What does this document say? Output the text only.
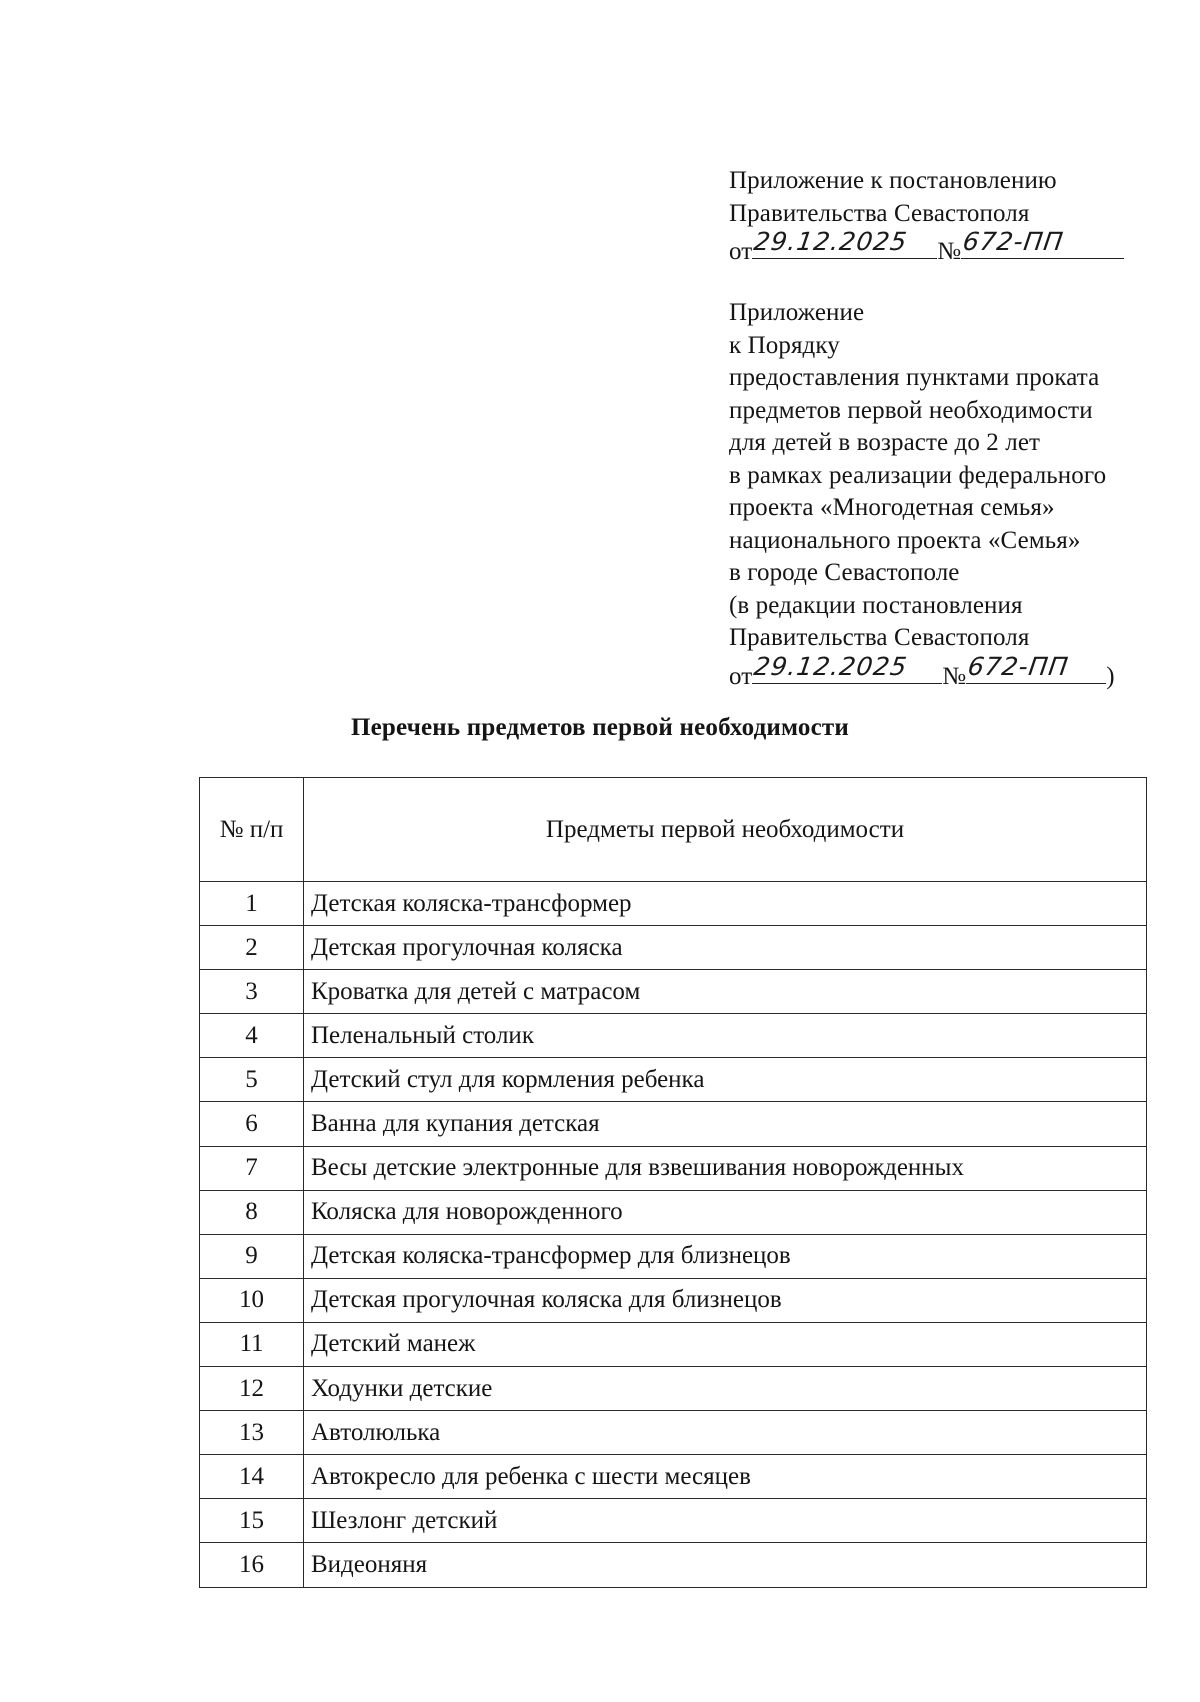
Приложение к постановлению
Правительства Севастополя
от 29.12.2025 № 672-ПП
Приложение
к Порядку
предоставления пунктами проката
предметов первой необходимости
для детей в возрасте до 2 лет
в рамках реализации федерального
проекта «Многодетная семья»
национального проекта «Семья»
в городе Севастополе
(в редакции постановления
Правительства Севастополя
от 29.12.2025 № 672-ПП )
Перечень предметов первой необходимости
№ п/п	Предметы первой необходимости
1	Детская коляска-трансформер
2	Детская прогулочная коляска
3	Кроватка для детей с матрасом
4	Пеленальный столик
5	Детский стул для кормления ребенка
6	Ванна для купания детская
7	Весы детские электронные для взвешивания новорожденных
8	Коляска для новорожденного
9	Детская коляска-трансформер для близнецов
10	Детская прогулочная коляска для близнецов
11	Детский манеж
12	Ходунки детские
13	Автолюлька
14	Автокресло для ребенка с шести месяцев
15	Шезлонг детский
16	Видеоняня
